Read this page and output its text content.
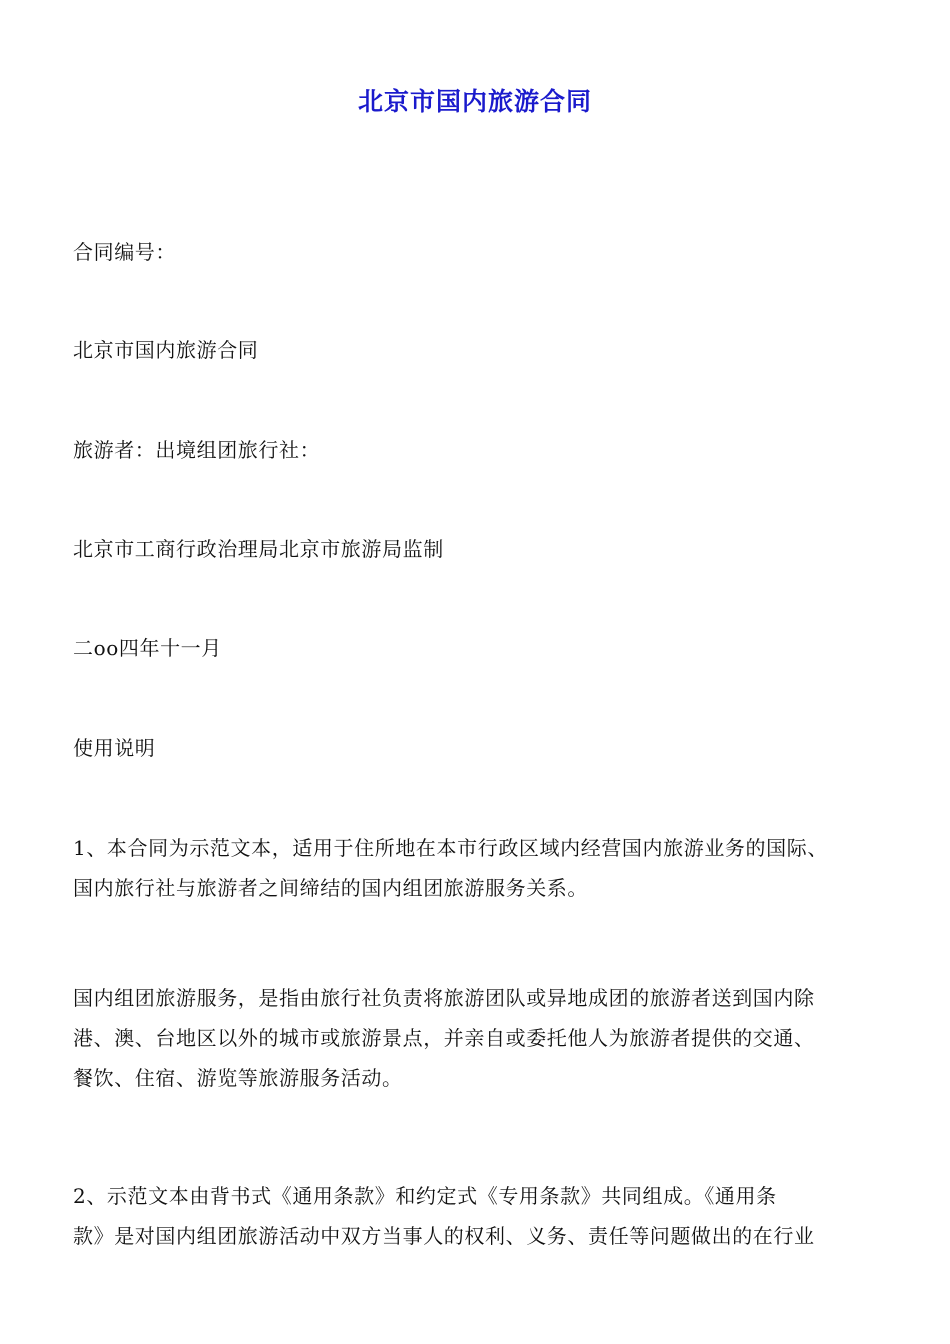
北京市国内旅游合同
合同编号：
北京市国内旅游合同
旅游者：出境组团旅行社：
北京市工商行政治理局北京市旅游局监制
二oo四年十一月
使用说明
1、本合同为示范文本，适用于住所地在本市行政区域内经营国内旅游业务的国际、
国内旅行社与旅游者之间缔结的国内组团旅游服务关系。
国内组团旅游服务，是指由旅行社负责将旅游团队或异地成团的旅游者送到国内除
港、澳、台地区以外的城市或旅游景点，并亲自或委托他人为旅游者提供的交通、
餐饮、住宿、游览等旅游服务活动。
2、示范文本由背书式《通用条款》和约定式《专用条款》共同组成。《通用条
款》是对国内组团旅游活动中双方当事人的权利、义务、责任等问题做出的在行业
